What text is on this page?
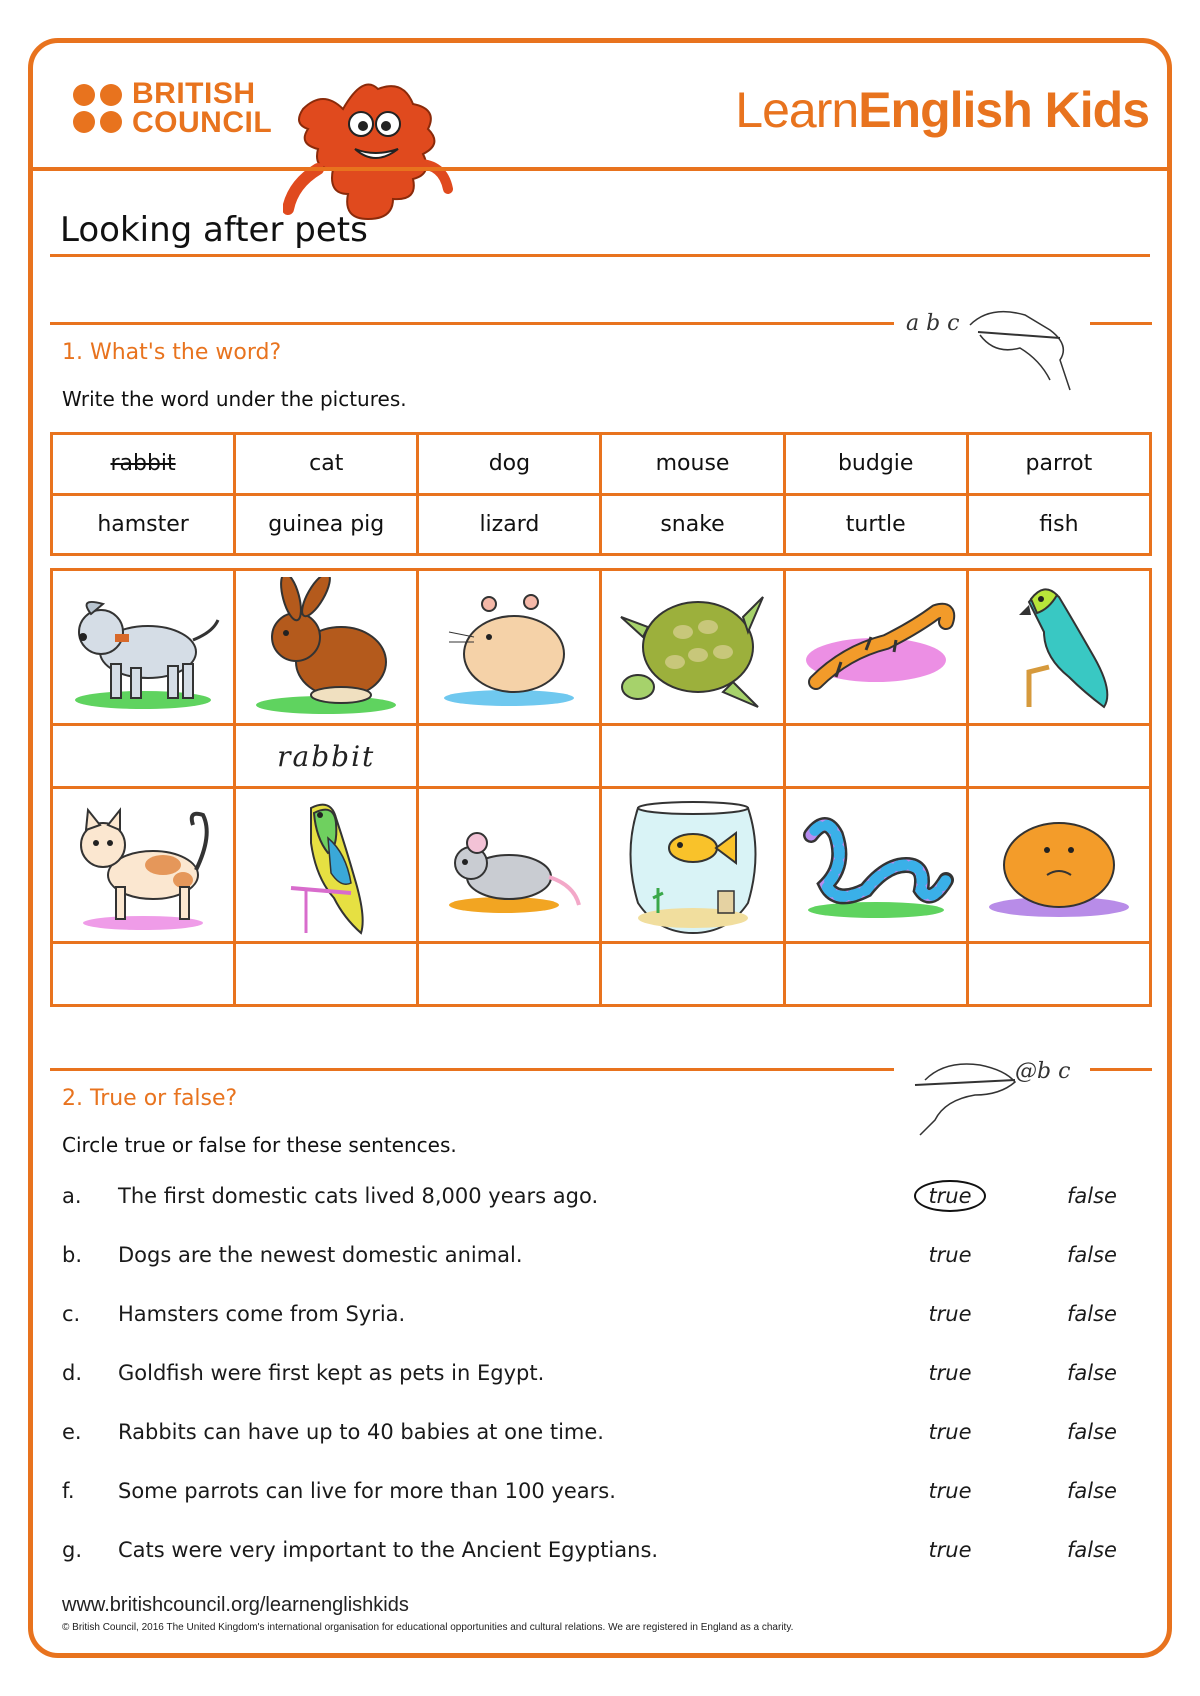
BRITISH
COUNCIL	LearnEnglish Kids
Looking after pets
a b c
1. What's the word?
Write the word under the pictures.
rabbit	cat	dog	mouse	budgie	parrot
hamster	guinea pig	lizard	snake	turtle	fish

	rabbit				

@b c
2. True or false?
Circle true or false for these sentences.
a. The first domestic cats lived 8,000 years ago.	true	false
b. Dogs are the newest domestic animal.	true	false
c. Hamsters come from Syria.	true	false
d. Goldfish were first kept as pets in Egypt.	true	false
e. Rabbits can have up to 40 babies at one time.	true	false
f. Some parrots can live for more than 100 years.	true	false
g. Cats were very important to the Ancient Egyptians.	true	false
www.britishcouncil.org/learnenglishkids
© British Council, 2016 The United Kingdom's international organisation for educational opportunities and cultural relations. We are registered in England as a charity.
